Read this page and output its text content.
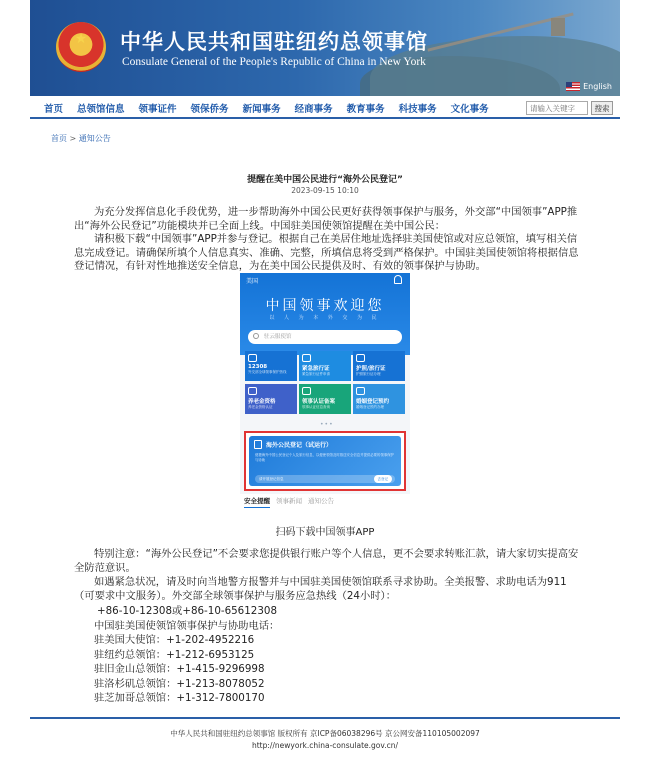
★	中华人民共和国驻纽约总领事馆
Consulate General of the People's Republic of China in New York
English
首页 总领馆信息 领事证件 领保侨务 新闻事务 经商事务 教育事务 科技事务 文化事务
请输入关键字	搜索
首页 > 通知公告
提醒在美中国公民进行“海外公民登记”
2023-09-15 10:10
为充分发挥信息化手段优势，进一步帮助海外中国公民更好获得领事保护与服务，外交部“中国领事”APP推出“海外公民登记”功能模块并已全面上线。中国驻美国使领馆提醒在美中国公民：
请积极下载“中国领事”APP并参与登记。根据自己在美居住地址选择驻美国使馆或对应总领馆，填写相关信息完成登记。请确保所填个人信息真实、准确、完整，所填信息将受到严格保护。中国驻美国使领馆将根据信息登记情况，有针对性地推送安全信息，为在美中国公民提供及时、有效的领事保护与协助。
美国
中国领事欢迎您
以 人 为 本 外 交 为 民
驻云服使馆
12308
外交部全球领事保护热线	紧急旅行证
紧急旅行证件申请
护照/旅行证
护照旅行证办理
养老金资格
养老金资格认证
领事认证备案
领事认证信息查询
婚姻登记预约
婚姻登记预约办理
•••
海外公民登记（试运行）
便捷海外中国公民登记个人及旅行信息，以便使领馆及时推送安全信息并提供必要的领事保护与协助
请开展登记信息	去登记
安全提醒 领事新闻 通知公告
扫码下载中国领事APP
特别注意：“海外公民登记”不会要求您提供银行账户等个人信息，更不会要求转账汇款，请大家切实提高安全防范意识。
如遇紧急状况，请及时向当地警方报警并与中国驻美国使领馆联系寻求协助。全美报警、求助电话为911（可要求中文服务）。外交部全球领事保护与服务应急热线（24小时）：
+86-10-12308或+86-10-65612308
中国驻美国使领馆领事保护与协助电话：
驻美国大使馆：+1-202-4952216
驻纽约总领馆：+1-212-6953125
驻旧金山总领馆：+1-415-9296998
驻洛杉矶总领馆：+1-213-8078052
驻芝加哥总领馆：+1-312-7800170
中华人民共和国驻纽约总领事馆 版权所有 京ICP备06038296号 京公网安备110105002097
http://newyork.china-consulate.gov.cn/
